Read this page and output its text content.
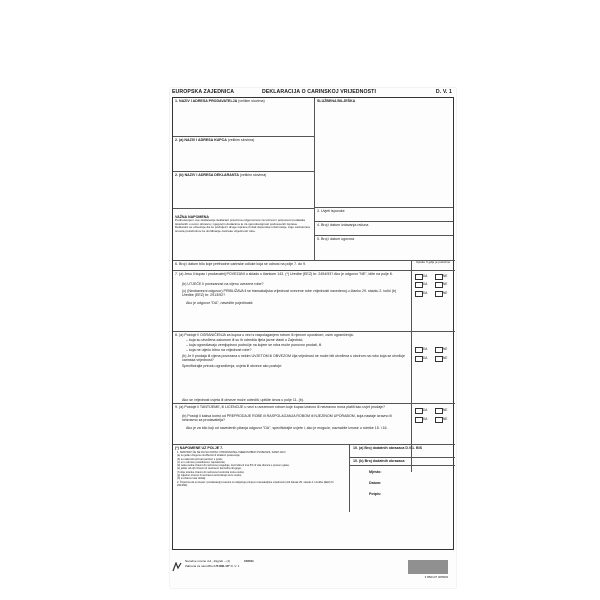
EUROPSKA ZAJEDNICA	DEKLARACIJA O CARINSKOJ VRIJEDNOSTI	D. V. 1
1. NAZIV I ADRESA PRODAVATELJA (velikim slovima)	SLUŽBENA BILJEŠKA
2. (a) NAZIV I ADRESA KUPCA (velikim slovima)
2. (b) NAZIV I ADRESA DEKLARANTA (velikim slovima)
VAŽNA NAPOMENA
Podnošenjem ove deklaracije deklarant preuzima odgovornost za točnost i potpunost podataka iskazanih u ovom obrascu i njegovim dodacima te za vjerodostojnost podnesenih isprava. Deklarant se obvezuje da će podnijeti i druge isprave ili dati dopunske informacije, koje carinarnica smatra potrebnima za utvrđivanje carinske vrijednosti robe.
3. Uvjeti isporuke
4. Broj i datum izdavanja računa
5. Broj i datum ugovora
6. Broj i datum bilo koje prethodne carinske odluke koja se odnosi na polje 7. do 9.	Upisite X gdje je potrebno
7. (a) Jesu li kupac i prodavatelj POVEZANI u skladu s člankom 143. (*) Uredbe (EEZ) br. 2454/93? Ako je odgovor "NE", idite na polje 8.
(b) UTJEČE li povezanost na cijenu uvezene robe?
(c) (Neobavezni odgovor) PRIBLIŽAVA li se transakcijska vrijednost uvezene robe vrijednosti navedenoj u članku 29. stavku 2. točki (b) Uredbe (EEZ) br. 2913/92?
Ako je odgovor "DA", navedite pojedinosti:
DA	NE
DA	NE
DA	NE
8. (a) Postoje li OGRANIČENJA za kupca u vezi s raspolaganjem robom ili njenom uporabom, osim ograničenja:
– koja su utvrđena zakonom ili su ih odredila tijela javne vlasti u Zajednici,
– koja ograničavaju zemljopisno područje na kojem se roba može ponovno prodati, ili
– koja ne utječu bitno na vrijednost robe?
(b) Je li prodaja ili cijena povezana s nekim UVJETOM ili OBVEZOM čija vrijednost ne može biti utvrđena s obzirom na robu koja se utvrđuje carinska vrijednost?
Specificirajte prirodu ograničenja, uvjeta ili obveze ako postoje:
Ako se vrijednost uvjeta ili obveze može odrediti, upišite iznos u polje 11. (b).
DA	NE
DA	NE
9. (a) Postoje li TANTIJEME, ili LICENCIJE u vezi s uvezenom robom koje kupac izravno ili neizravno mora platiti kao uvjet prodaje?
(b) Postoji li kakva korist od PREPRODAJE ROBE ili RASPOLAGANJA ROBOM ili NJEZINOM UPORABOM, koja nastaje izravno ili neizravno za prodavatelja?
Ako je za bilo koji od navedenih pitanja odgovor "DA", specificirajte uvjete i, ako je moguće, naznačite iznose u rubrike 15. i 16.
DA	NE
DA	NE
(*) NAPOMENE UZ POLJE 7.
1. SMATRAT ĆE SE DA SU KUPAC I PRODAVATELJ MEĐUSOBNO POVEZANI, SAMO AKO:
(a) su jedan drugome službenici ili direktori poslovanja;
(b) su zakonski priznati partneri u poslu;
(c) su u odnosu poslodavca i zaposlenika;
(d) neka osoba izravno ili neizravno posjeduje, kontrolira ili ima 5% ili više dionica s pravom glasa;
(e) jedan od njih izravno ili neizravno kontrolira drugoga;
(f) obje stranke izravno ili neizravno kontrolira treća osoba;
(g) zajedno izravno ili neizravno kontroliraju treću osobu;
(h) su članovi iste obitelji.
2. Činjenica da su kupac i prodavatelj povezani ne isključuje primjenu transakcijske vrijednosti (vidi članak 29. stavak 2. Uredbe (EEZ) br. 2913/92).
10. (a) Broj dodatnih obrazaca D.V.1. BIS
10. (b) Broj dodatnih obrazaca
Mjesto:
Datum:
Potpis:
Narodne novine d.d., Zagreb – (1)
Zabrana za narudžbu UT-830-13* D. V. 1
106011
3 850137 005609
